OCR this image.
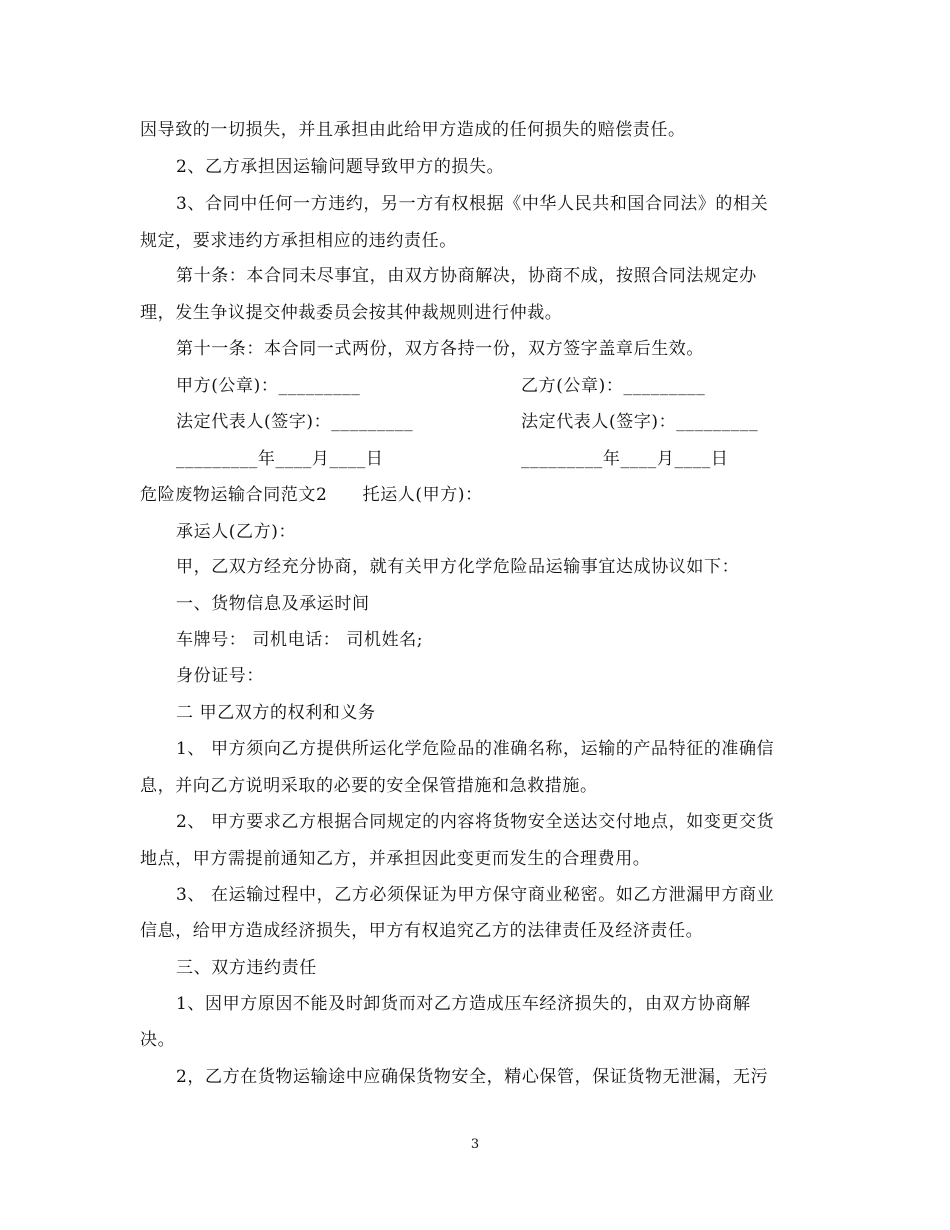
因导致的一切损失，并且承担由此给甲方造成的任何损失的赔偿责任。
2、乙方承担因运输问题导致甲方的损失。
3、合同中任何一方违约，另一方有权根据《中华人民共和国合同法》的相关
规定，要求违约方承担相应的违约责任。
第十条：本合同未尽事宜，由双方协商解决，协商不成，按照合同法规定办
理，发生争议提交仲裁委员会按其仲裁规则进行仲裁。
第十一条：本合同一式两份，双方各持一份，双方签字盖章后生效。
甲方(公章)：_________	乙方(公章)：_________
法定代表人(签字)：_________	法定代表人(签字)：_________
_________年____月____日	_________年____月____日
危险废物运输合同范文2　　托运人(甲方)：
承运人(乙方)：
甲，乙双方经充分协商，就有关甲方化学危险品运输事宜达成协议如下：
一、货物信息及承运时间
车牌号： 司机电话： 司机姓名;
身份证号：
二 甲乙双方的权利和义务
1、 甲方须向乙方提供所运化学危险品的准确名称，运输的产品特征的准确信
息，并向乙方说明采取的必要的安全保管措施和急救措施。
2、 甲方要求乙方根据合同规定的内容将货物安全送达交付地点，如变更交货
地点，甲方需提前通知乙方，并承担因此变更而发生的合理费用。
3、 在运输过程中，乙方必须保证为甲方保守商业秘密。如乙方泄漏甲方商业
信息，给甲方造成经济损失，甲方有权追究乙方的法律责任及经济责任。
三、双方违约责任
1、因甲方原因不能及时卸货而对乙方造成压车经济损失的，由双方协商解
决。
2，乙方在货物运输途中应确保货物安全，精心保管，保证货物无泄漏，无污
3
